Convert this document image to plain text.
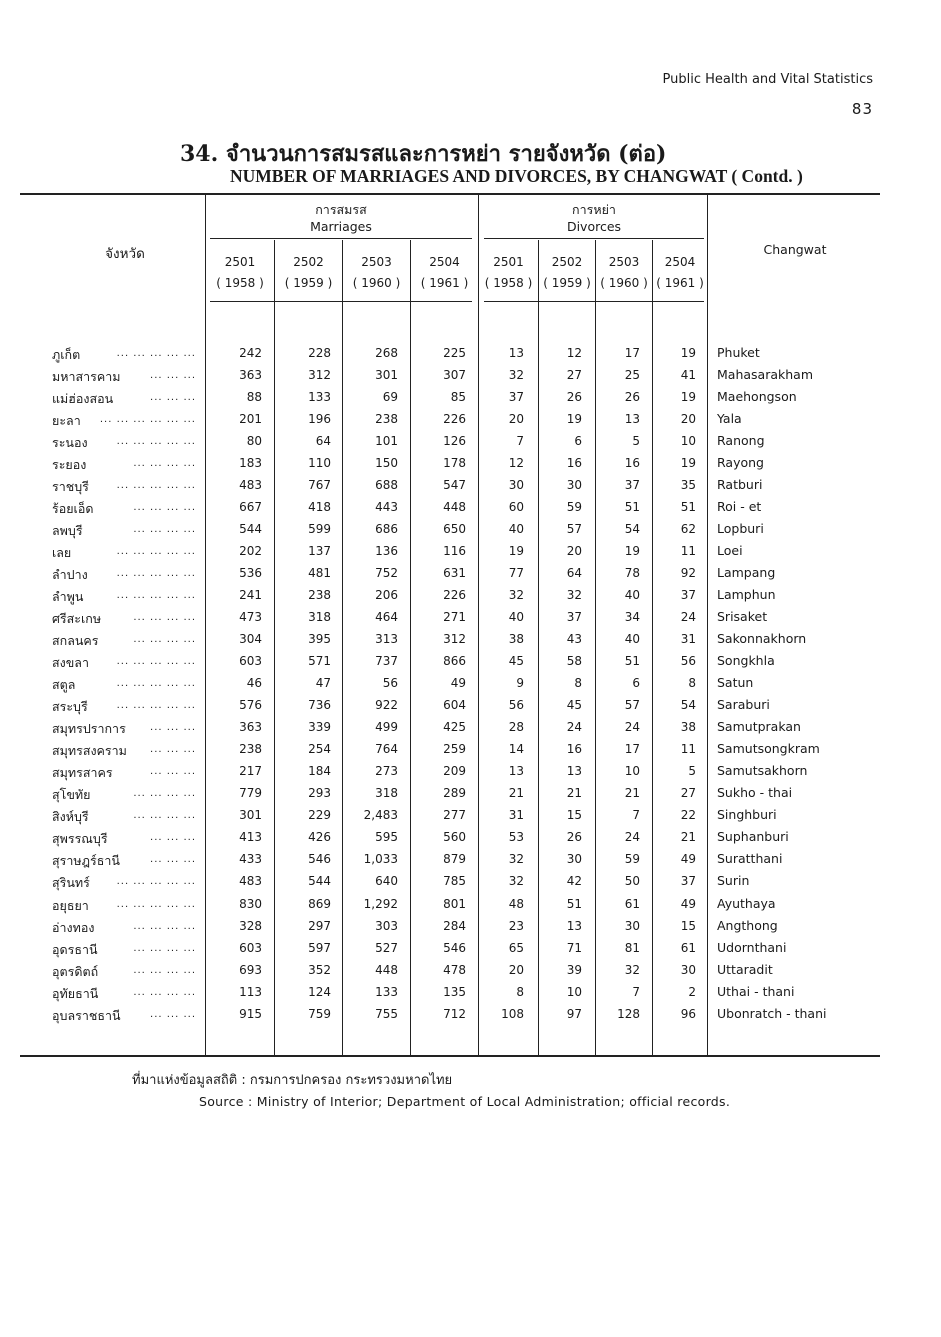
Public Health and Vital Statistics
83
34. จำนวนการสมรสและการหย่า รายจังหวัด (ต่อ)
NUMBER OF MARRIAGES AND DIVORCES, BY CHANGWAT ( Contd. )
จังหวัด	Changwat
การสมรส
Marriages
การหย่า
Divorces
2501
( 1958 )
2502
( 1959 )
2503
( 1960 )
2504
( 1961 )
2501
( 1958 )
2502
( 1959 )
2503
( 1960 )
2504
( 1961 )
ภูเก็ต	... ... ... ... ...	242	228	268	225	13	12	17	19 Phuket
มหาสารคาม	... ... ...	363	312	301	307	32	27	25	41 Mahasarakham
แม่ฮ่องสอน	... ... ...	88	133	69	85	37	26	26	19 Maehongson
ยะลา ... ... ... ... ... ...	201	196	238	226	20	19	13	20 Yala
ระนอง	... ... ... ... ...	80	64	101	126	7	6	5	10 Ranong
ระยอง	... ... ... ...	183	110	150	178	12	16	16	19 Rayong
ราชบุรี	... ... ... ... ...	483	767	688	547	30	30	37	35 Ratburi
ร้อยเอ็ด	... ... ... ...	667	418	443	448	60	59	51	51 Roi - et
ลพบุรี	... ... ... ...	544	599	686	650	40	57	54	62 Lopburi
เลย	... ... ... ... ...	202	137	136	116	19	20	19	11 Loei
ลำปาง	... ... ... ... ...	536	481	752	631	77	64	78	92 Lampang
ลำพูน	... ... ... ... ...	241	238	206	226	32	32	40	37 Lamphun
ศรีสะเกษ	... ... ... ...	473	318	464	271	40	37	34	24 Srisaket
สกลนคร	... ... ... ...	304	395	313	312	38	43	40	31 Sakonnakhorn
สงขลา	... ... ... ... ...	603	571	737	866	45	58	51	56 Songkhla
สตูล	... ... ... ... ...	46	47	56	49	9	8	6	8 Satun
สระบุรี	... ... ... ... ...	576	736	922	604	56	45	57	54 Saraburi
สมุทรปราการ ... ... ...	363	339	499	425	28	24	24	38 Samutprakan
สมุทรสงคราม ... ... ...	238	254	764	259	14	16	17	11 Samutsongkram
สมุทรสาคร	... ... ...	217	184	273	209	13	13	10	5 Samutsakhorn
สุโขทัย	... ... ... ...	779	293	318	289	21	21	21	27 Sukho - thai
สิงห์บุรี	... ... ... ...	301	229	2,483	277	31	15	7	22 Singhburi
สุพรรณบุรี	... ... ...	413	426	595	560	53	26	24	21 Suphanburi
สุราษฎร์ธานี	... ... ...	433	546	1,033	879	32	30	59	49 Suratthani
สุรินทร์	... ... ... ... ...	483	544	640	785	32	42	50	37 Surin
อยุธยา	... ... ... ... ...	830	869	1,292	801	48	51	61	49 Ayuthaya
อ่างทอง	... ... ... ...	328	297	303	284	23	13	30	15 Angthong
อุดรธานี	... ... ... ...	603	597	527	546	65	71	81	61 Udornthani
อุตรดิตถ์	... ... ... ...	693	352	448	478	20	39	32	30 Uttaradit
อุทัยธานี	... ... ... ...	113	124	133	135	8	10	7	2 Uthai - thani
อุบลราชธานี	... ... ...	915	759	755	712	108	97	128	96 Ubonratch - thani
ที่มาแห่งข้อมูลสถิติ : กรมการปกครอง กระทรวงมหาดไทย
Source : Ministry of Interior; Department of Local Administration; official records.
